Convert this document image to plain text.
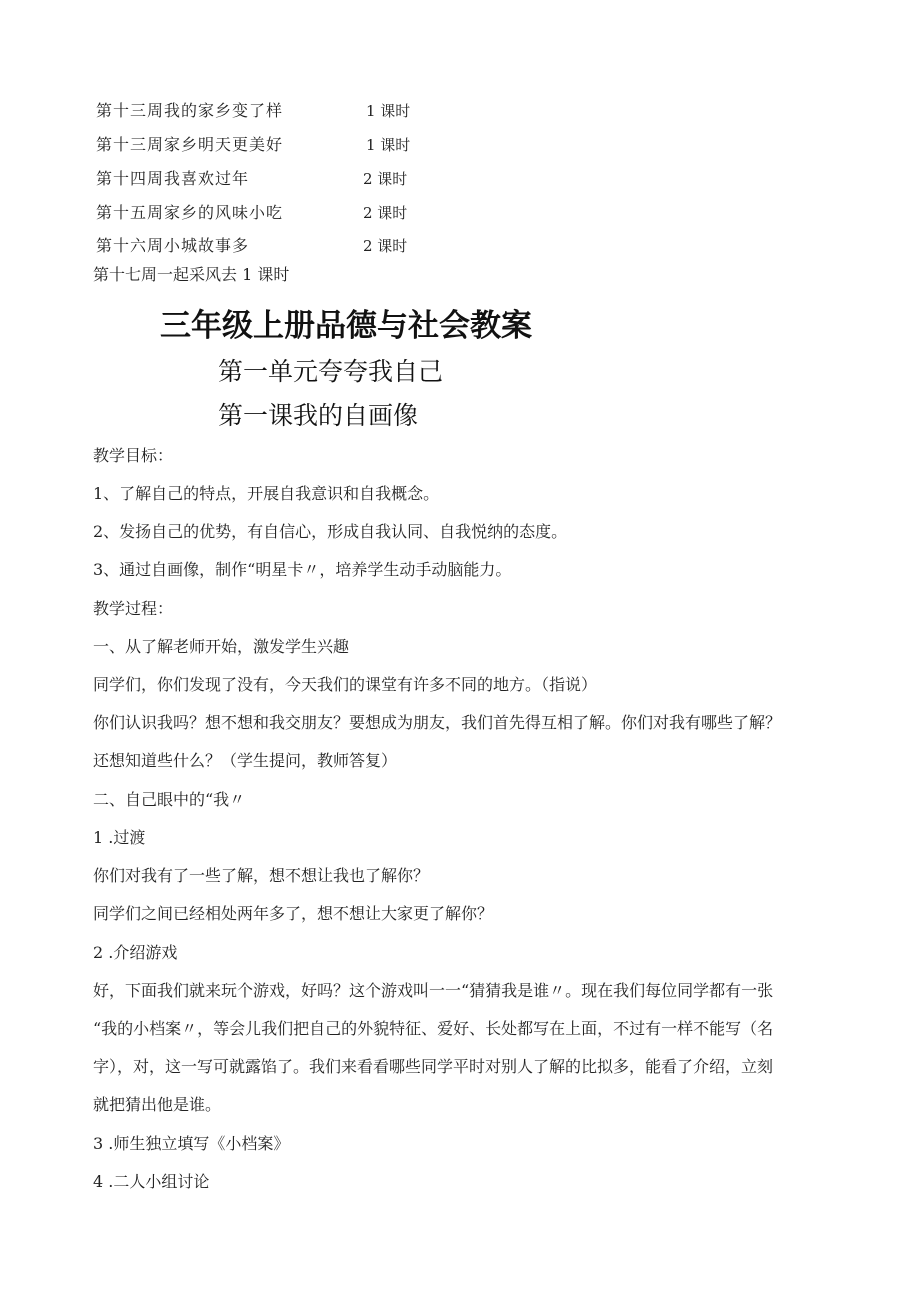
第十三周我的家乡变了样	1 课时
第十三周家乡明天更美好	1 课时
第十四周我喜欢过年	2 课时
第十五周家乡的风味小吃	2 课时
第十六周小城故事多	2 课时
第十七周一起采风去 1 课时
三年级上册品德与社会教案
第一单元夸夸我自己
第一课我的自画像
教学目标：
1、了解自己的特点，开展自我意识和自我概念。
2、发扬自己的优势，有自信心，形成自我认同、自我悦纳的态度。
3、通过自画像，制作“明星卡〃，培养学生动手动脑能力。
教学过程：
一、从了解老师开始，激发学生兴趣
同学们，你们发现了没有，今天我们的课堂有许多不同的地方。（指说）
你们认识我吗？想不想和我交朋友？要想成为朋友，我们首先得互相了解。你们对我有哪些了解？
还想知道些什么？（学生提问，教师答复）
二、自己眼中的“我〃
1 .过渡
你们对我有了一些了解，想不想让我也了解你？
同学们之间已经相处两年多了，想不想让大家更了解你？
2 .介绍游戏
好，下面我们就来玩个游戏，好吗？这个游戏叫一一“猜猜我是谁〃。现在我们每位同学都有一张
“我的小档案〃，等会儿我们把自己的外貌特征、爱好、长处都写在上面，不过有一样不能写（名
字），对，这一写可就露馅了。我们来看看哪些同学平时对别人了解的比拟多，能看了介绍，立刻
就把猜出他是谁。
3 .师生独立填写《小档案》
4 .二人小组讨论
